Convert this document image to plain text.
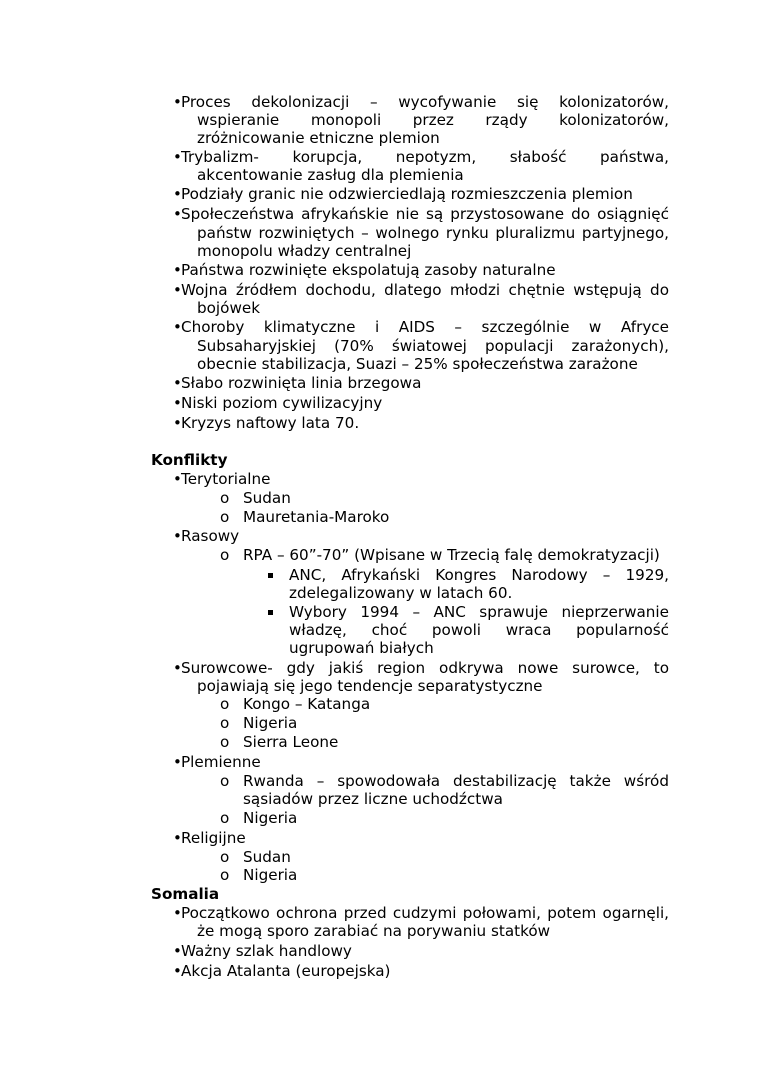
• Proces dekolonizacji – wycofywanie się kolonizatorów,
wspieranie monopoli przez rządy kolonizatorów,
zróżnicowanie etniczne plemion
• Trybalizm- korupcja, nepotyzm, słabość państwa,
akcentowanie zasług dla plemienia
• Podziały granic nie odzwierciedlają rozmieszczenia plemion
• Społeczeństwa afrykańskie nie są przystosowane do osiągnięć
państw rozwiniętych – wolnego rynku pluralizmu partyjnego,
monopolu władzy centralnej
• Państwa rozwinięte ekspolatują zasoby naturalne
• Wojna źródłem dochodu, dlatego młodzi chętnie wstępują do
bojówek
• Choroby klimatyczne i AIDS – szczególnie w Afryce
Subsaharyjskiej (70% światowej populacji zarażonych),
obecnie stabilizacja, Suazi – 25% społeczeństwa zarażone
• Słabo rozwinięta linia brzegowa
• Niski poziom cywilizacyjny
• Kryzys naftowy lata 70.
Konflikty
• Terytorialne
o Sudan
o Mauretania-Maroko
• Rasowy
o RPA – 60”-70” (Wpisane w Trzecią falę demokratyzacji)
ANC, Afrykański Kongres Narodowy – 1929,
zdelegalizowany w latach 60.
Wybory 1994 – ANC sprawuje nieprzerwanie
władzę, choć powoli wraca popularność
ugrupowań białych
• Surowcowe- gdy jakiś region odkrywa nowe surowce, to
pojawiają się jego tendencje separatystyczne
o Kongo – Katanga
o Nigeria
o Sierra Leone
• Plemienne
o Rwanda – spowodowała destabilizację także wśród
sąsiadów przez liczne uchodźctwa
o Nigeria
• Religijne
o Sudan
o Nigeria
Somalia
• Początkowo ochrona przed cudzymi połowami, potem ogarnęli,
że mogą sporo zarabiać na porywaniu statków
• Ważny szlak handlowy
• Akcja Atalanta (europejska)
